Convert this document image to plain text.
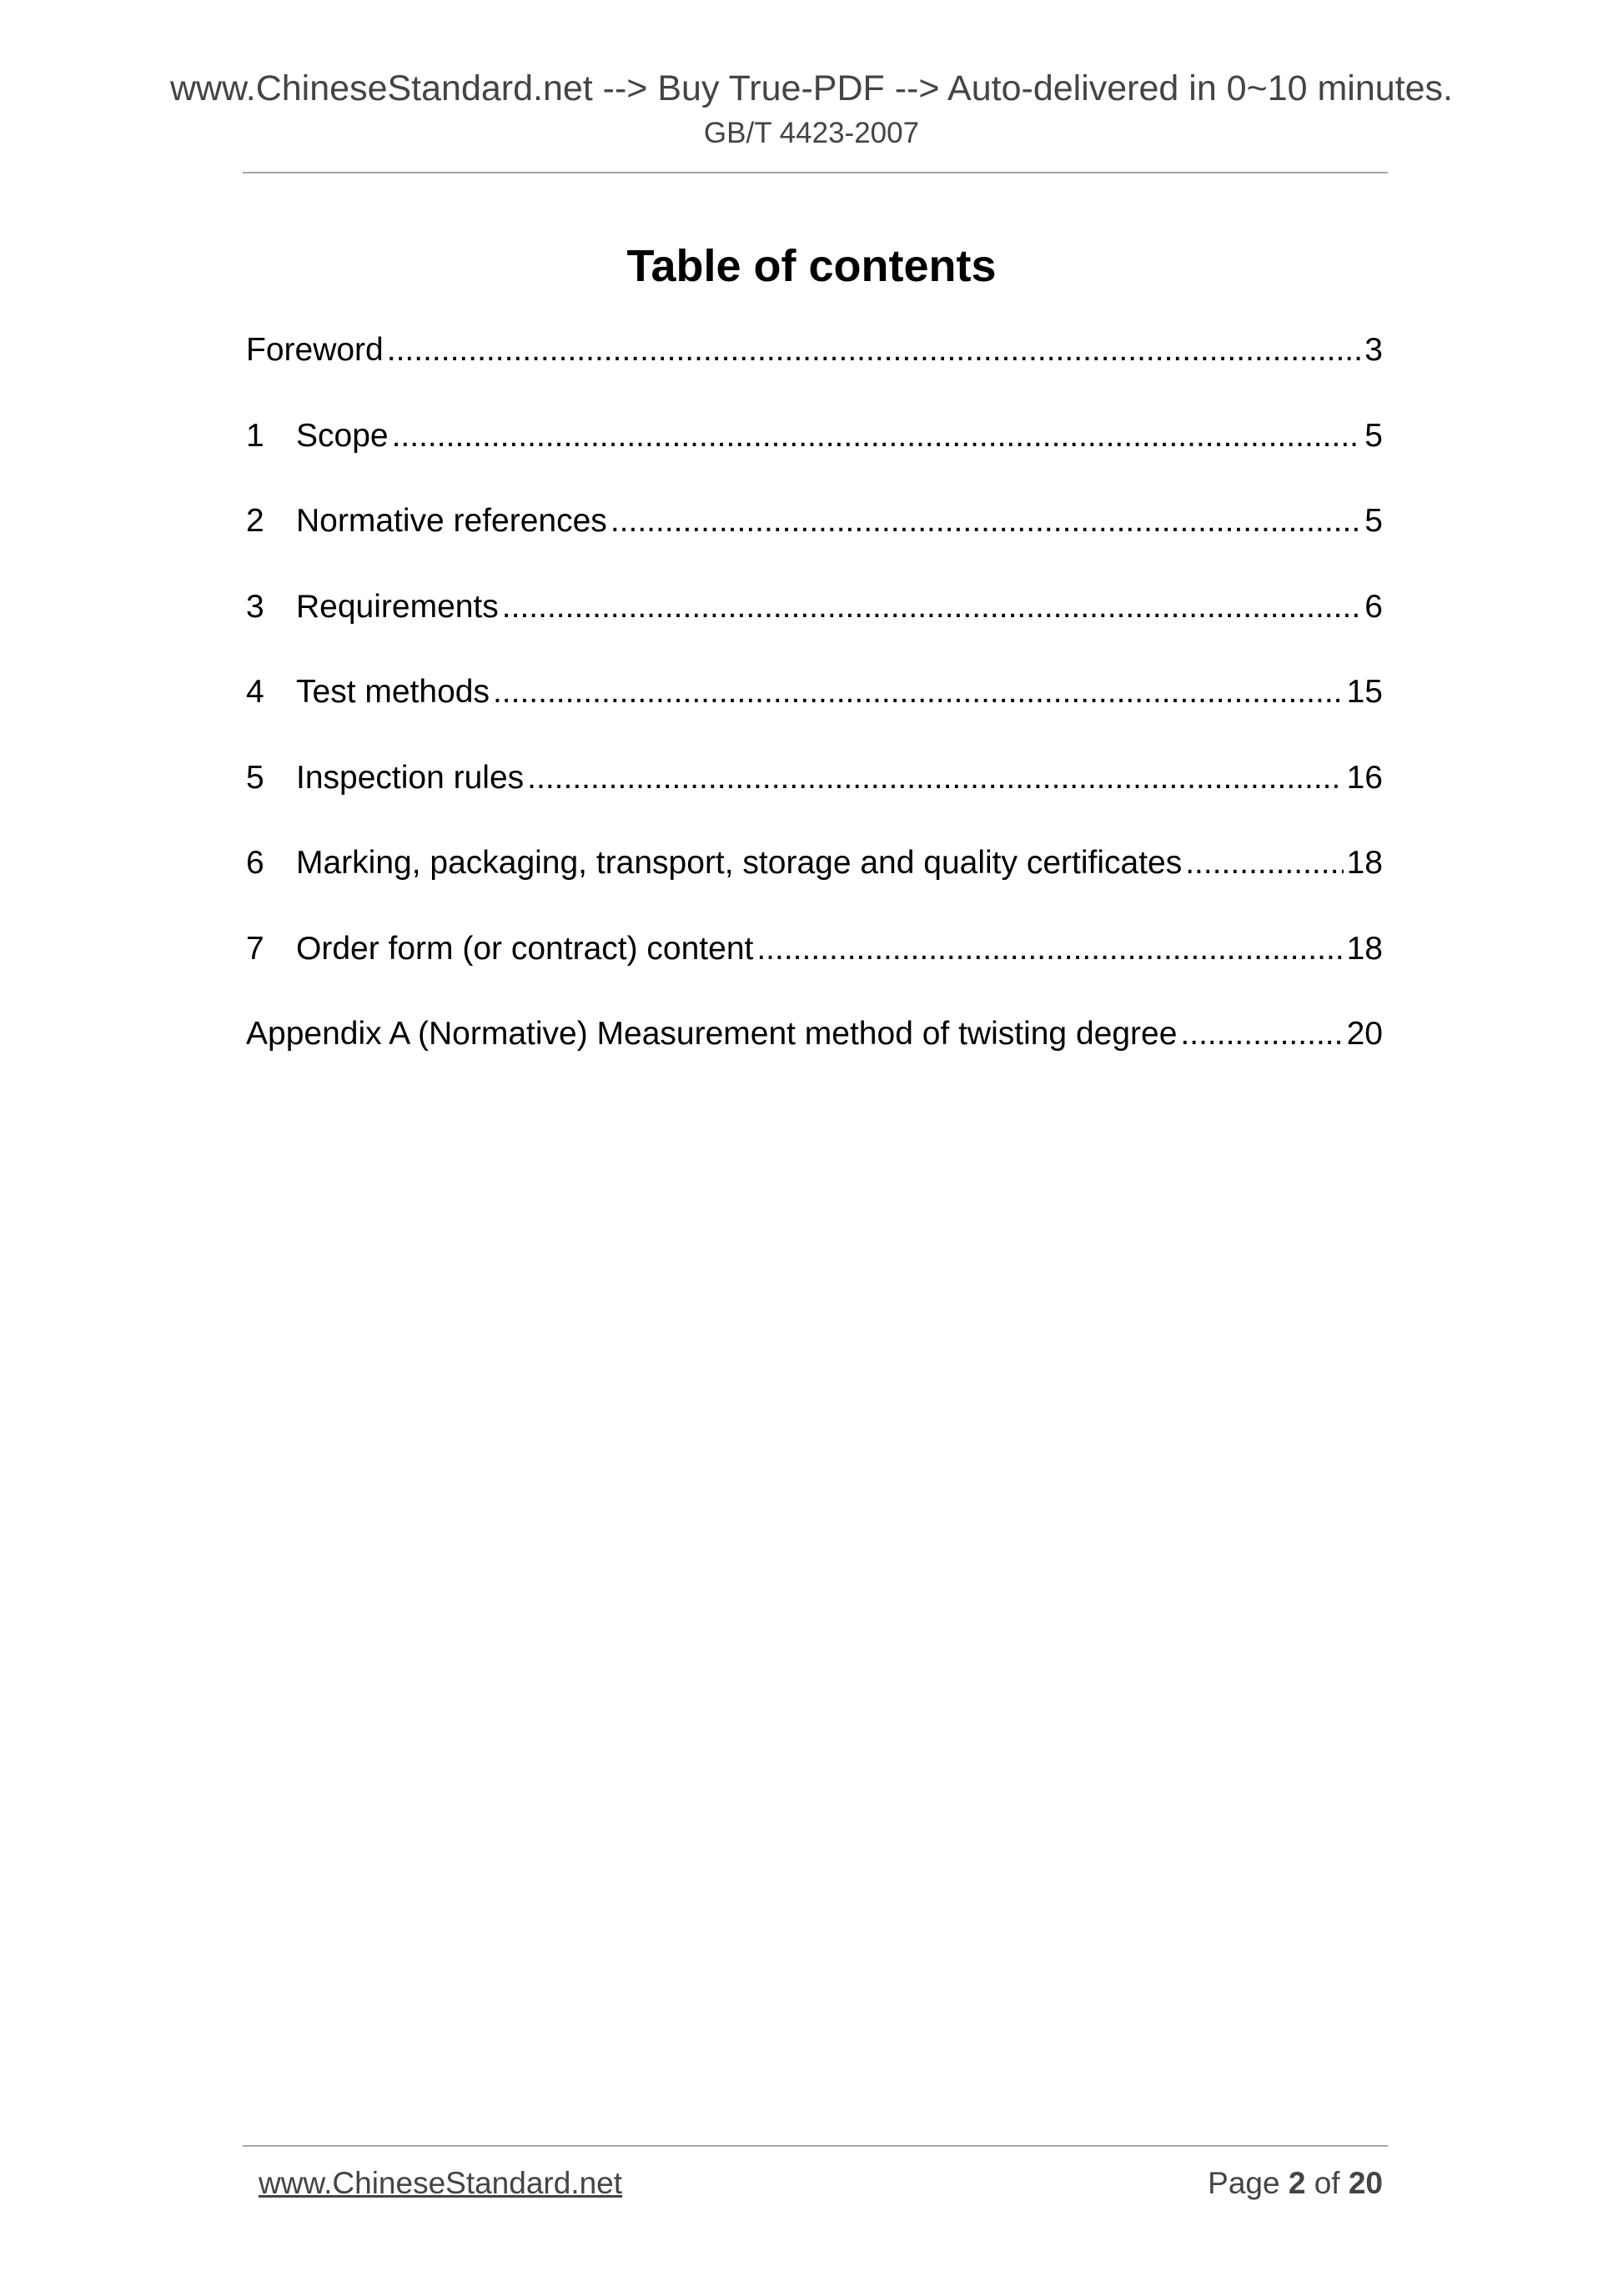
www.ChineseStandard.net --> Buy True-PDF --> Auto-delivered in 0~10 minutes.
GB/T 4423-2007
Table of contents
Foreword .....	3
1 Scope .....	5
2 Normative references .....	5
3 Requirements .....	6
4 Test methods .....	15
5 Inspection rules .....	16
6 Marking, packaging, transport, storage and quality certificates .....	18
7 Order form (or contract) content .....	18
Appendix A (Normative) Measurement method of twisting degree .....	20
www.ChineseStandard.net	Page 2 of 20
